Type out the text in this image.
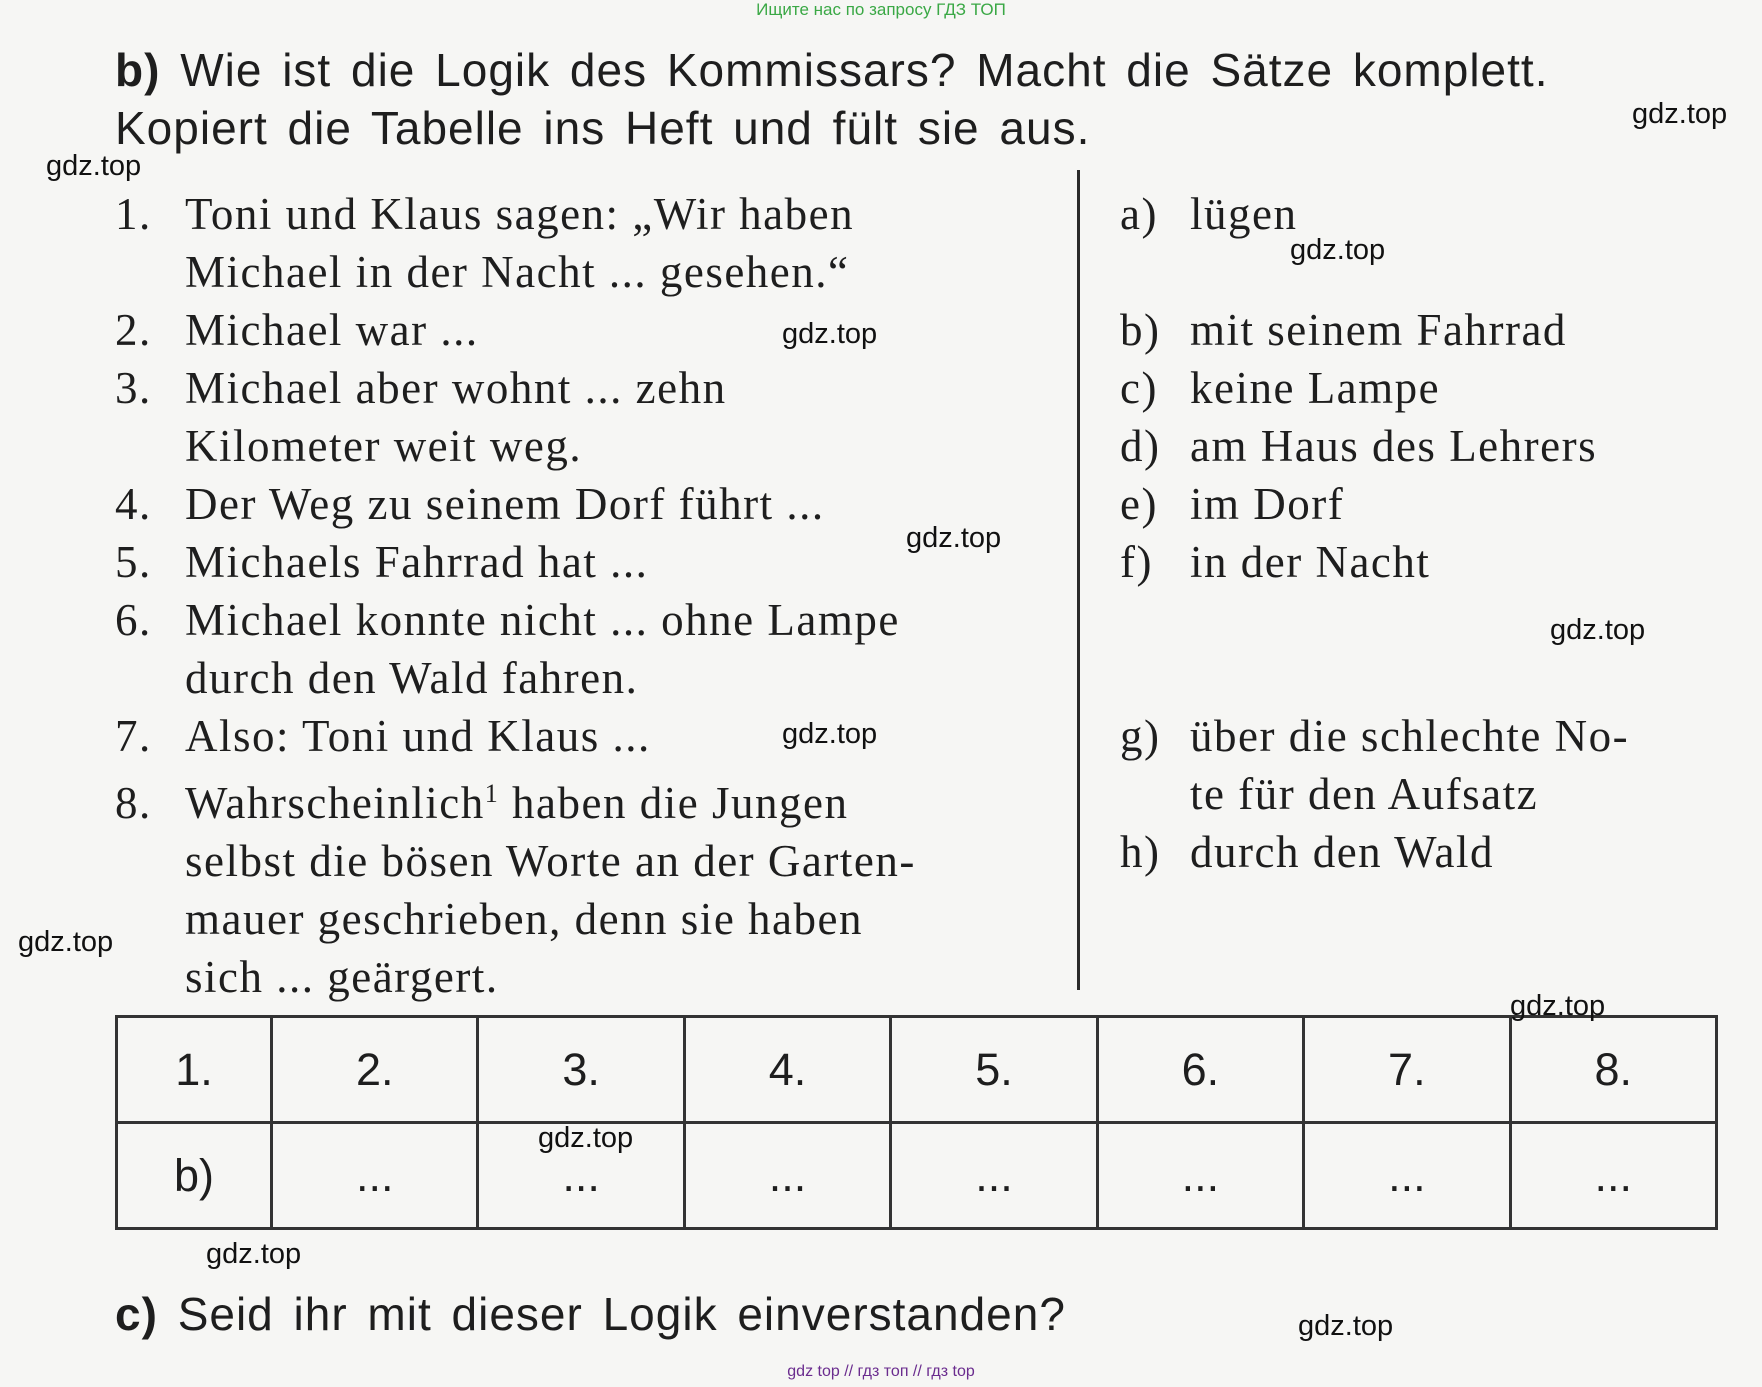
Ищите нас по запросу ГДЗ ТОП
b) Wie ist die Logik des Kommissars? Macht die Sätze komplett.
Kopiert die Tabelle ins Heft und fült sie aus.
1. Toni und Klaus sagen: „Wir haben
Michael in der Nacht ... gesehen.“
2. Michael war ...
3. Michael aber wohnt ... zehn
Kilometer weit weg.
4. Der Weg zu seinem Dorf führt ...
5. Michaels Fahrrad hat ...
6. Michael konnte nicht ... ohne Lampe
durch den Wald fahren.
7. Also: Toni und Klaus ...
8. Wahrscheinlich$^1$ haben die Jungen
selbst die bösen Worte an der Garten-
mauer geschrieben, denn sie haben
sich ... geärgert.
a) lügen

b) mit seinem Fahrrad
c) keine Lampe
d) am Haus des Lehrers
e) im Dorf
f) in der Nacht

g) über die schlechte No-
te für den Aufsatz
h) durch den Wald
1.	2.	3.	4.	5.	6.	7.	8.
b)	...	...	...	...	...	...	...
c) Seid ihr mit dieser Logik einverstanden?
gdz.top
gdz.top
gdz.top
gdz.top
gdz.top
gdz.top
gdz.top
gdz.top
gdz.top
gdz.top
gdz.top
gdz.top
gdz top // гдз топ // гдз top
